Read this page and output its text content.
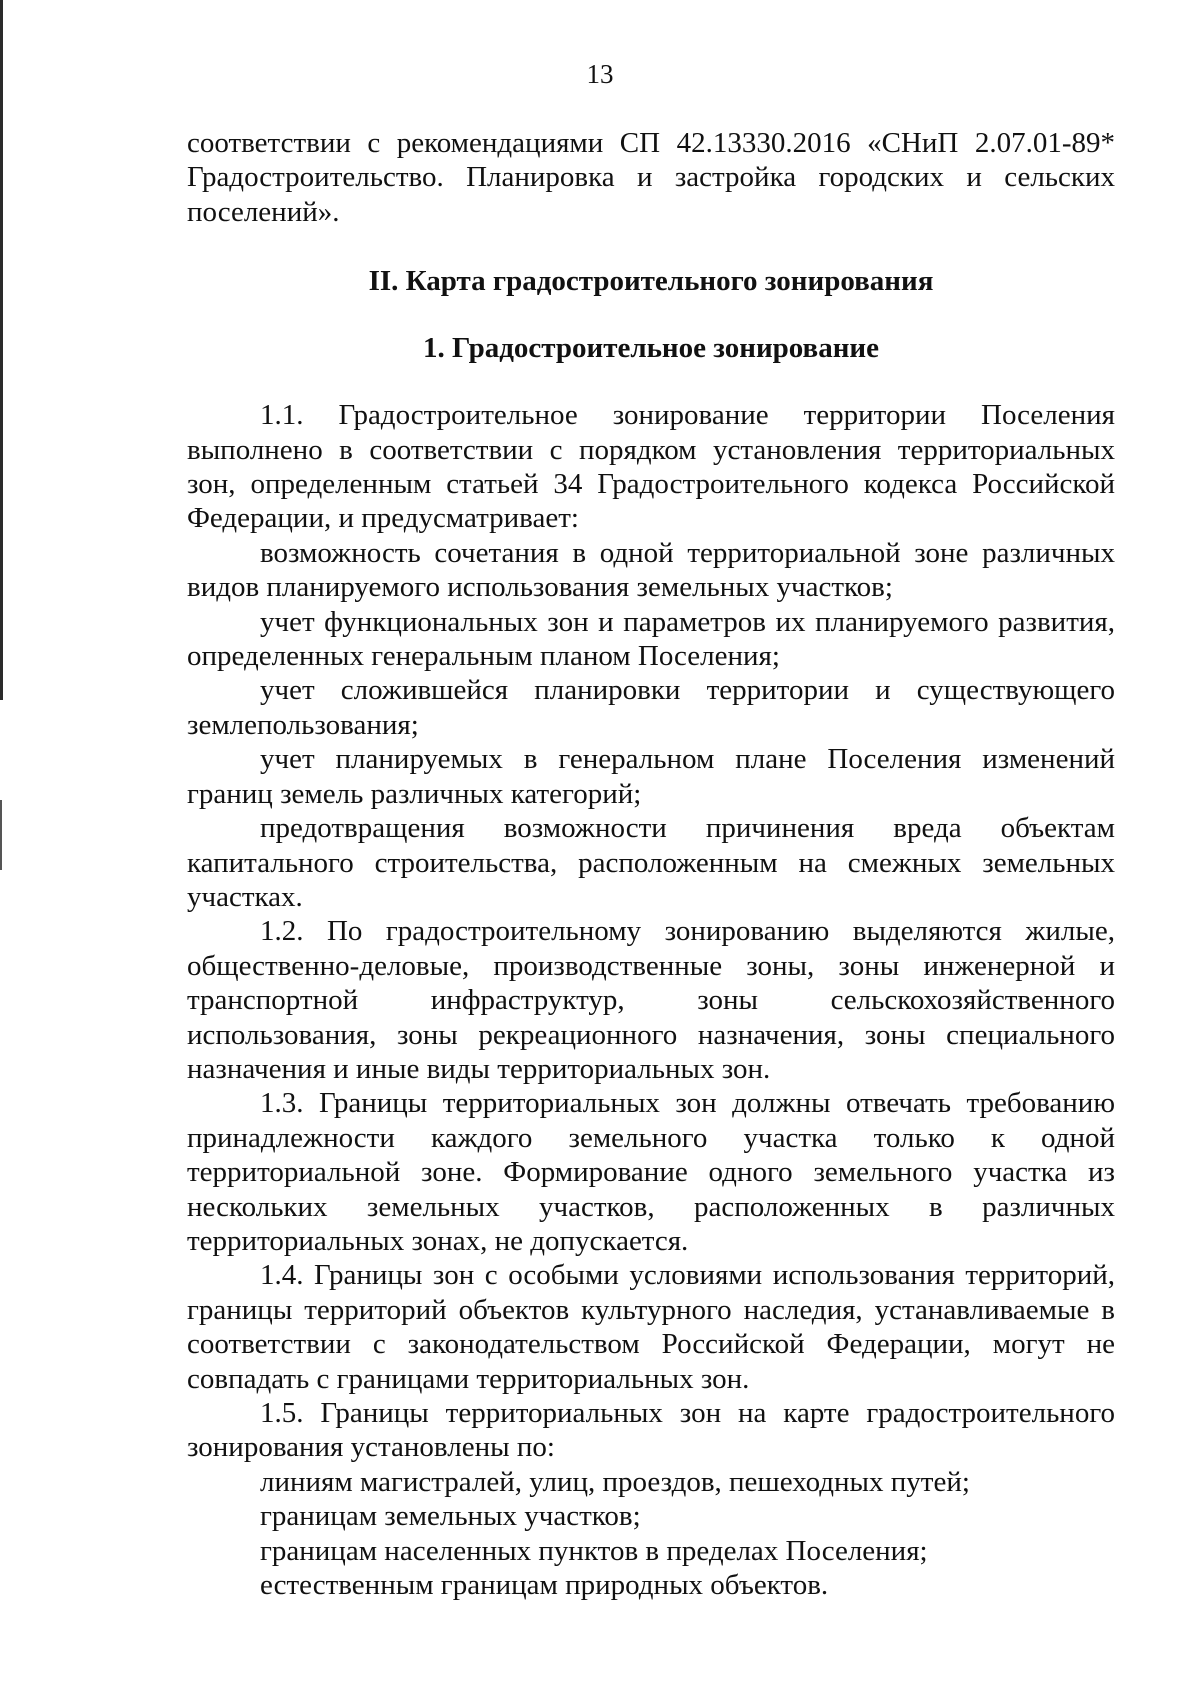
13

соответствии с рекомендациями СП 42.13330.2016 «СНиП 2.07.01-89* Градостроительство. Планировка и застройка городских и сельских поселений».

II. Карта градостроительного зонирования
1. Градостроительное зонирование

1.1. Градостроительное зонирование территории Поселения выполнено в соответствии с порядком установления территориальных зон, определенным статьей 34 Градостроительного кодекса Российской Федерации, и предусматривает:

возможность сочетания в одной территориальной зоне различных видов планируемого использования земельных участков;

учет функциональных зон и параметров их планируемого развития, определенных генеральным планом Поселения;

учет сложившейся планировки территории и существующего землепользования;

учет планируемых в генеральном плане Поселения изменений границ земель различных категорий;

предотвращения возможности причинения вреда объектам капитального строительства, расположенным на смежных земельных участках.

1.2. По градостроительному зонированию выделяются жилые, общественно-деловые, производственные зоны, зоны инженерной и транспортной инфраструктур, зоны сельскохозяйственного использования, зоны рекреационного назначения, зоны специального назначения и иные виды территориальных зон.

1.3. Границы территориальных зон должны отвечать требованию принадлежности каждого земельного участка только к одной территориальной зоне. Формирование одного земельного участка из нескольких земельных участков, расположенных в различных территориальных зонах, не допускается.

1.4. Границы зон с особыми условиями использования территорий, границы территорий объектов культурного наследия, устанавливаемые в соответствии с законодательством Российской Федерации, могут не совпадать с границами территориальных зон.

1.5. Границы территориальных зон на карте градостроительного зонирования установлены по:

линиям магистралей, улиц, проездов, пешеходных путей;

границам земельных участков;

границам населенных пунктов в пределах Поселения;

естественным границам природных объектов.
